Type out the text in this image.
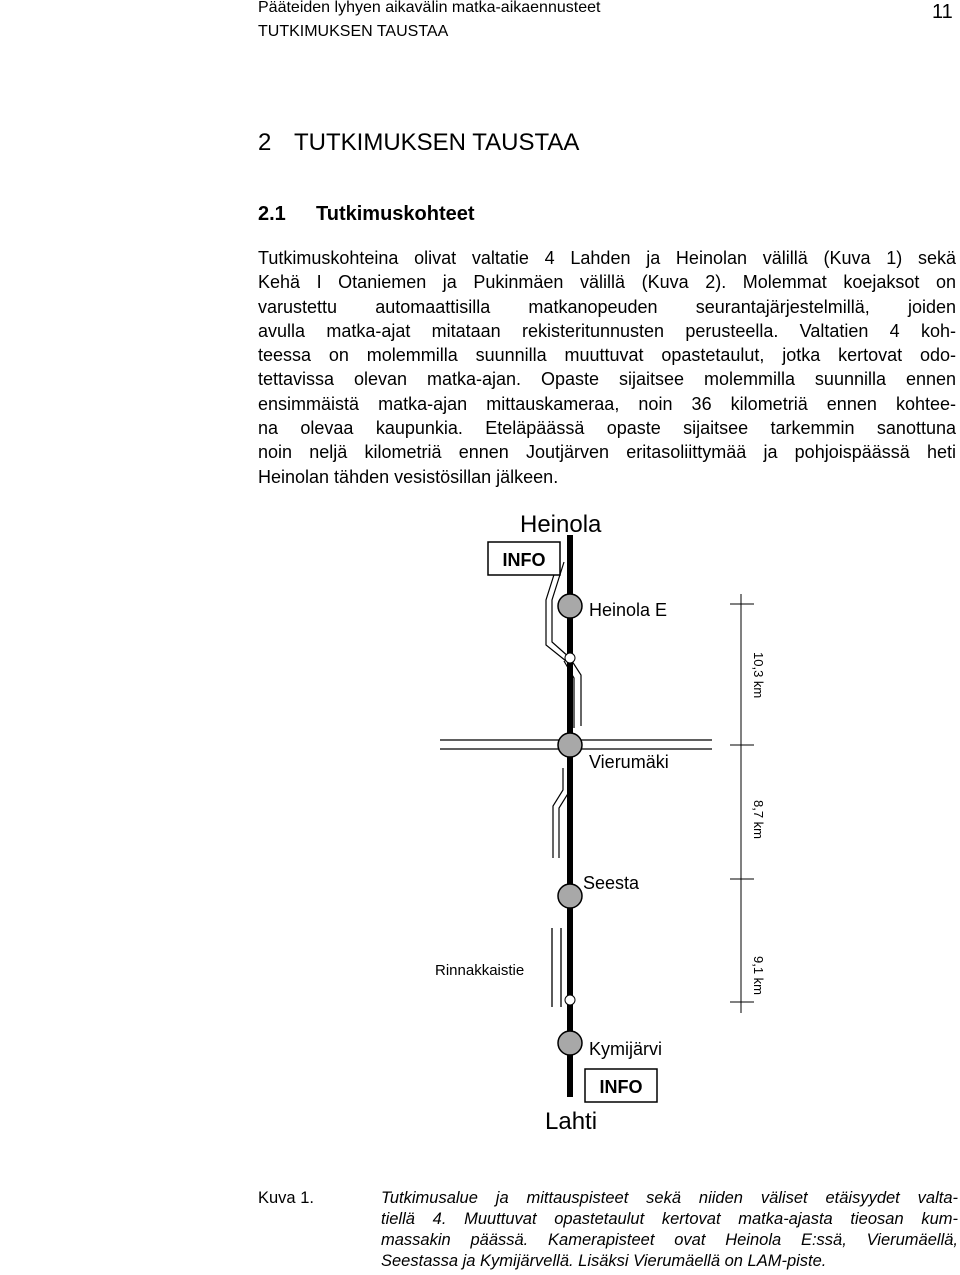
Pääteiden lyhyen aikavälin matka-aikaennusteet
TUTKIMUKSEN TAUSTAA
11
2 TUTKIMUKSEN TAUSTAA
2.1 Tutkimuskohteet
Tutkimuskohteina olivat valtatie 4 Lahden ja Heinolan välillä (Kuva 1) sekä
Kehä I Otaniemen ja Pukinmäen välillä (Kuva 2). Molemmat koejaksot on
varustettu automaattisilla matkanopeuden seurantajärjestelmillä, joiden
avulla matka-ajat mitataan rekisteritunnusten perusteella. Valtatien 4 koh-
teessa on molemmilla suunnilla muuttuvat opastetaulut, jotka kertovat odo-
tettavissa olevan matka-ajan. Opaste sijaitsee molemmilla suunnilla ennen
ensimmäistä matka-ajan mittauskameraa, noin 36 kilometriä ennen kohtee-
na olevaa kaupunkia. Eteläpäässä opaste sijaitsee tarkemmin sanottuna
noin neljä kilometriä ennen Joutjärven eritasoliittymää ja pohjoispäässä heti
Heinolan tähden vesistösillan jälkeen.
Heinola
INFO
Heinola E
Vierumäki
Seesta
Rinnakkaistie
Kymijärvi
INFO
Lahti
10,3 km
8,7 km
9,1 km
Kuva 1.	Tutkimusalue ja mittauspisteet sekä niiden väliset etäisyydet valta-
tiellä 4. Muuttuvat opastetaulut kertovat matka-ajasta tieosan kum-
massakin päässä. Kamerapisteet ovat Heinola E:ssä, Vierumäellä,
Seestassa ja Kymijärvellä. Lisäksi Vierumäellä on LAM-piste.
